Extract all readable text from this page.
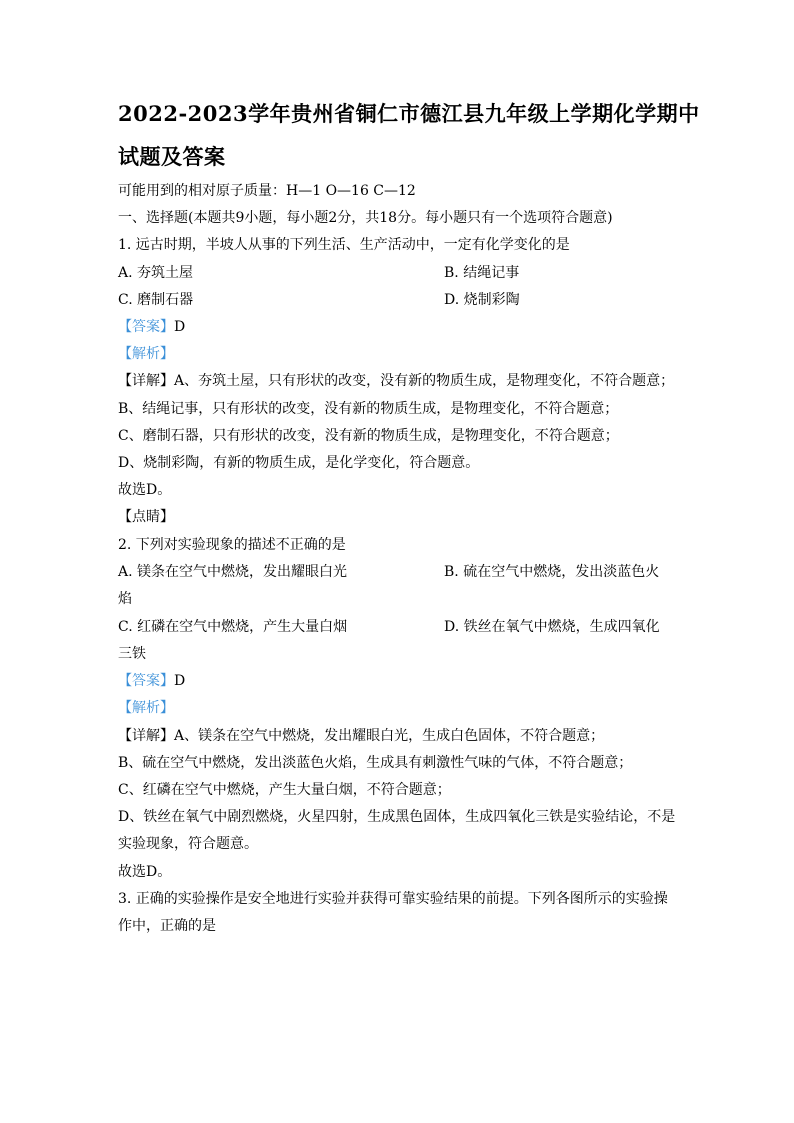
2022-2023学年贵州省铜仁市德江县九年级上学期化学期中
试题及答案
可能用到的相对原子质量：H—1 O—16 C—12
一、选择题(本题共9小题，每小题2分，共18分。每小题只有一个选项符合题意)
1. 远古时期，半坡人从事的下列生活、生产活动中，一定有化学变化的是
A. 夯筑土屋	B. 结绳记事
C. 磨制石器	D. 烧制彩陶
【答案】D
【解析】
【详解】A、夯筑土屋，只有形状的改变，没有新的物质生成，是物理变化，不符合题意；
B、结绳记事，只有形状的改变，没有新的物质生成，是物理变化，不符合题意；
C、磨制石器，只有形状的改变，没有新的物质生成，是物理变化，不符合题意；
D、烧制彩陶，有新的物质生成，是化学变化，符合题意。
故选D。
【点睛】
2. 下列对实验现象的描述不正确的是
A. 镁条在空气中燃烧，发出耀眼白光	B. 硫在空气中燃烧，发出淡蓝色火
焰
C. 红磷在空气中燃烧，产生大量白烟	D. 铁丝在氧气中燃烧，生成四氧化
三铁
【答案】D
【解析】
【详解】A、镁条在空气中燃烧，发出耀眼白光，生成白色固体，不符合题意；
B、硫在空气中燃烧，发出淡蓝色火焰，生成具有刺激性气味的气体，不符合题意；
C、红磷在空气中燃烧，产生大量白烟，不符合题意；
D、铁丝在氧气中剧烈燃烧，火星四射，生成黑色固体，生成四氧化三铁是实验结论，不是
实验现象，符合题意。
故选D。
3. 正确的实验操作是安全地进行实验并获得可靠实验结果的前提。下列各图所示的实验操
作中，正确的是
